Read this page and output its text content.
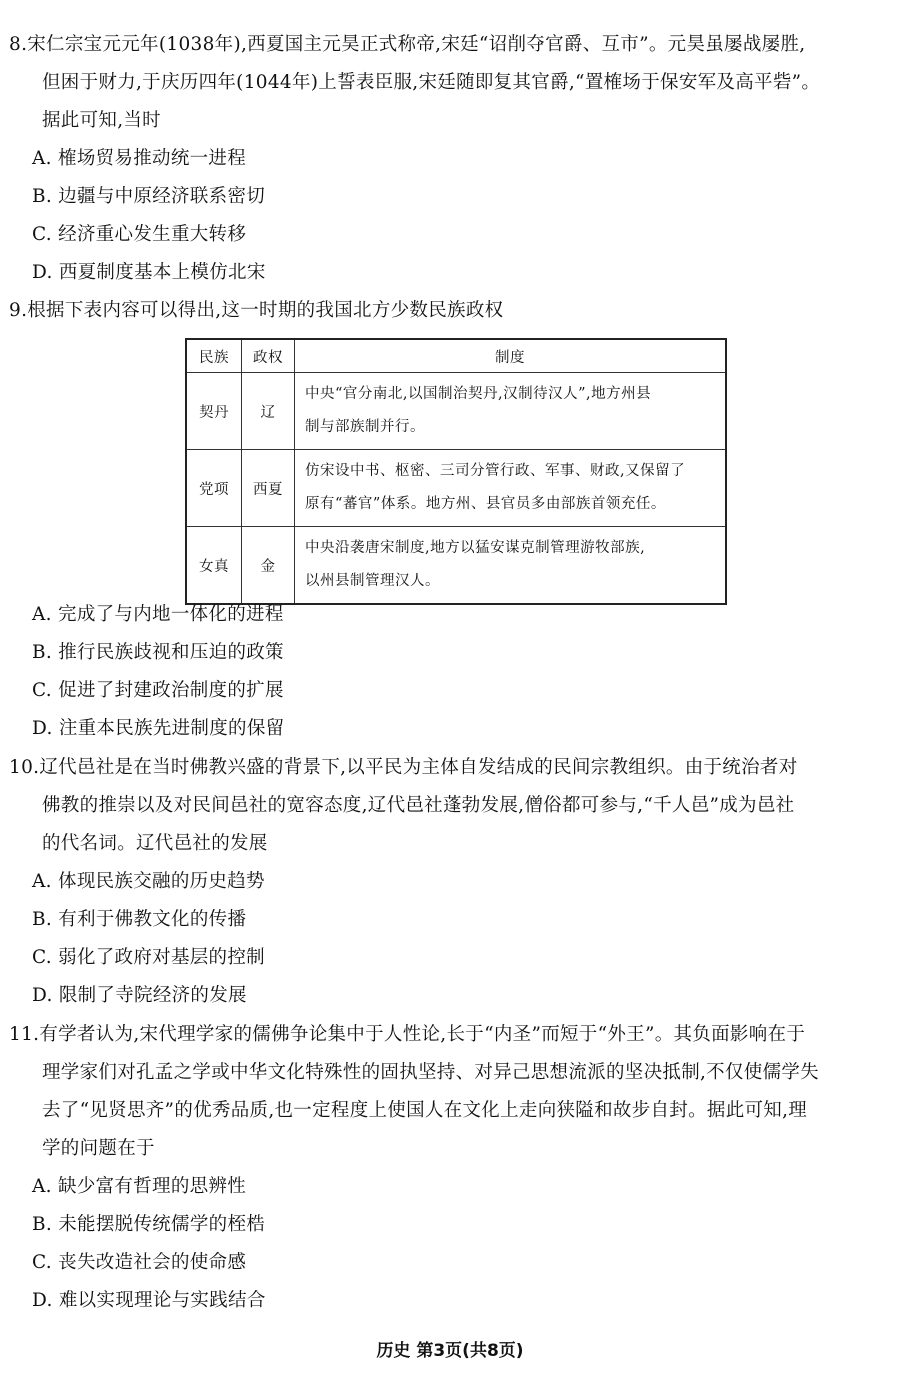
8.宋仁宗宝元元年(1038年),西夏国主元昊正式称帝,宋廷“诏削夺官爵、互市”。元昊虽屡战屡胜,
但困于财力,于庆历四年(1044年)上誓表臣服,宋廷随即复其官爵,“置榷场于保安军及高平砦”。
据此可知,当时
A. 榷场贸易推动统一进程
B. 边疆与中原经济联系密切
C. 经济重心发生重大转移
D. 西夏制度基本上模仿北宋
9.根据下表内容可以得出,这一时期的我国北方少数民族政权
民族	政权	制度
契丹	辽	中央“官分南北,以国制治契丹,汉制待汉人”,地方州县
制与部族制并行。

党项	西夏	仿宋设中书、枢密、三司分管行政、军事、财政,又保留了
原有“蕃官”体系。地方州、县官员多由部族首领充任。

女真	金	中央沿袭唐宋制度,地方以猛安谋克制管理游牧部族,
以州县制管理汉人。
A. 完成了与内地一体化的进程
B. 推行民族歧视和压迫的政策
C. 促进了封建政治制度的扩展
D. 注重本民族先进制度的保留
10.辽代邑社是在当时佛教兴盛的背景下,以平民为主体自发结成的民间宗教组织。由于统治者对
佛教的推崇以及对民间邑社的宽容态度,辽代邑社蓬勃发展,僧俗都可参与,“千人邑”成为邑社
的代名词。辽代邑社的发展
A. 体现民族交融的历史趋势
B. 有利于佛教文化的传播
C. 弱化了政府对基层的控制
D. 限制了寺院经济的发展
11.有学者认为,宋代理学家的儒佛争论集中于人性论,长于“内圣”而短于“外王”。其负面影响在于
理学家们对孔孟之学或中华文化特殊性的固执坚持、对异己思想流派的坚决抵制,不仅使儒学失
去了“见贤思齐”的优秀品质,也一定程度上使国人在文化上走向狭隘和故步自封。据此可知,理
学的问题在于
A. 缺少富有哲理的思辨性
B. 未能摆脱传统儒学的桎梏
C. 丧失改造社会的使命感
D. 难以实现理论与实践结合
历史 第3页(共8页)
